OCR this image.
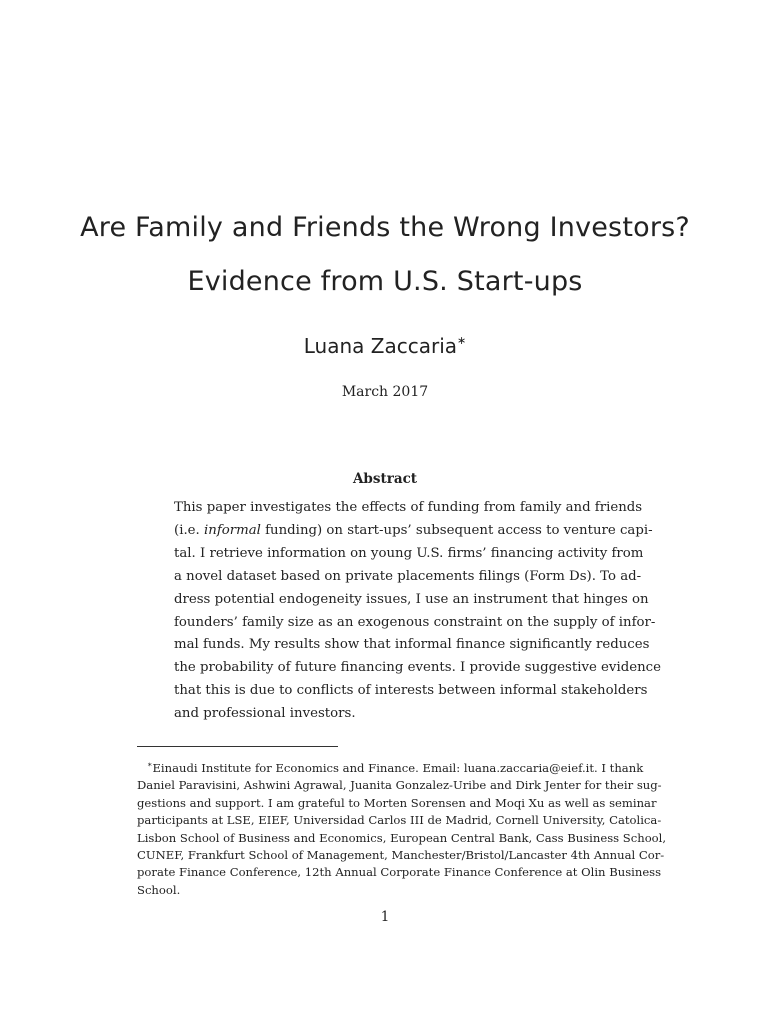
Are Family and Friends the Wrong Investors?
Evidence from U.S. Start-ups
Luana Zaccaria∗
March 2017
Abstract
This paper investigates the effects of funding from family and friends
(i.e. informal funding) on start-ups’ subsequent access to venture capi-
tal. I retrieve information on young U.S. firms’ financing activity from
a novel dataset based on private placements filings (Form Ds). To ad-
dress potential endogeneity issues, I use an instrument that hinges on
founders’ family size as an exogenous constraint on the supply of infor-
mal funds. My results show that informal finance significantly reduces
the probability of future financing events. I provide suggestive evidence
that this is due to conflicts of interests between informal stakeholders
and professional investors.
∗Einaudi Institute for Economics and Finance. Email: luana.zaccaria@eief.it. I thank
Daniel Paravisini, Ashwini Agrawal, Juanita Gonzalez-Uribe and Dirk Jenter for their sug-
gestions and support. I am grateful to Morten Sorensen and Moqi Xu as well as seminar
participants at LSE, EIEF, Universidad Carlos III de Madrid, Cornell University, Catolica-
Lisbon School of Business and Economics, European Central Bank, Cass Business School,
CUNEF, Frankfurt School of Management, Manchester/Bristol/Lancaster 4th Annual Cor-
porate Finance Conference, 12th Annual Corporate Finance Conference at Olin Business
School.
1
